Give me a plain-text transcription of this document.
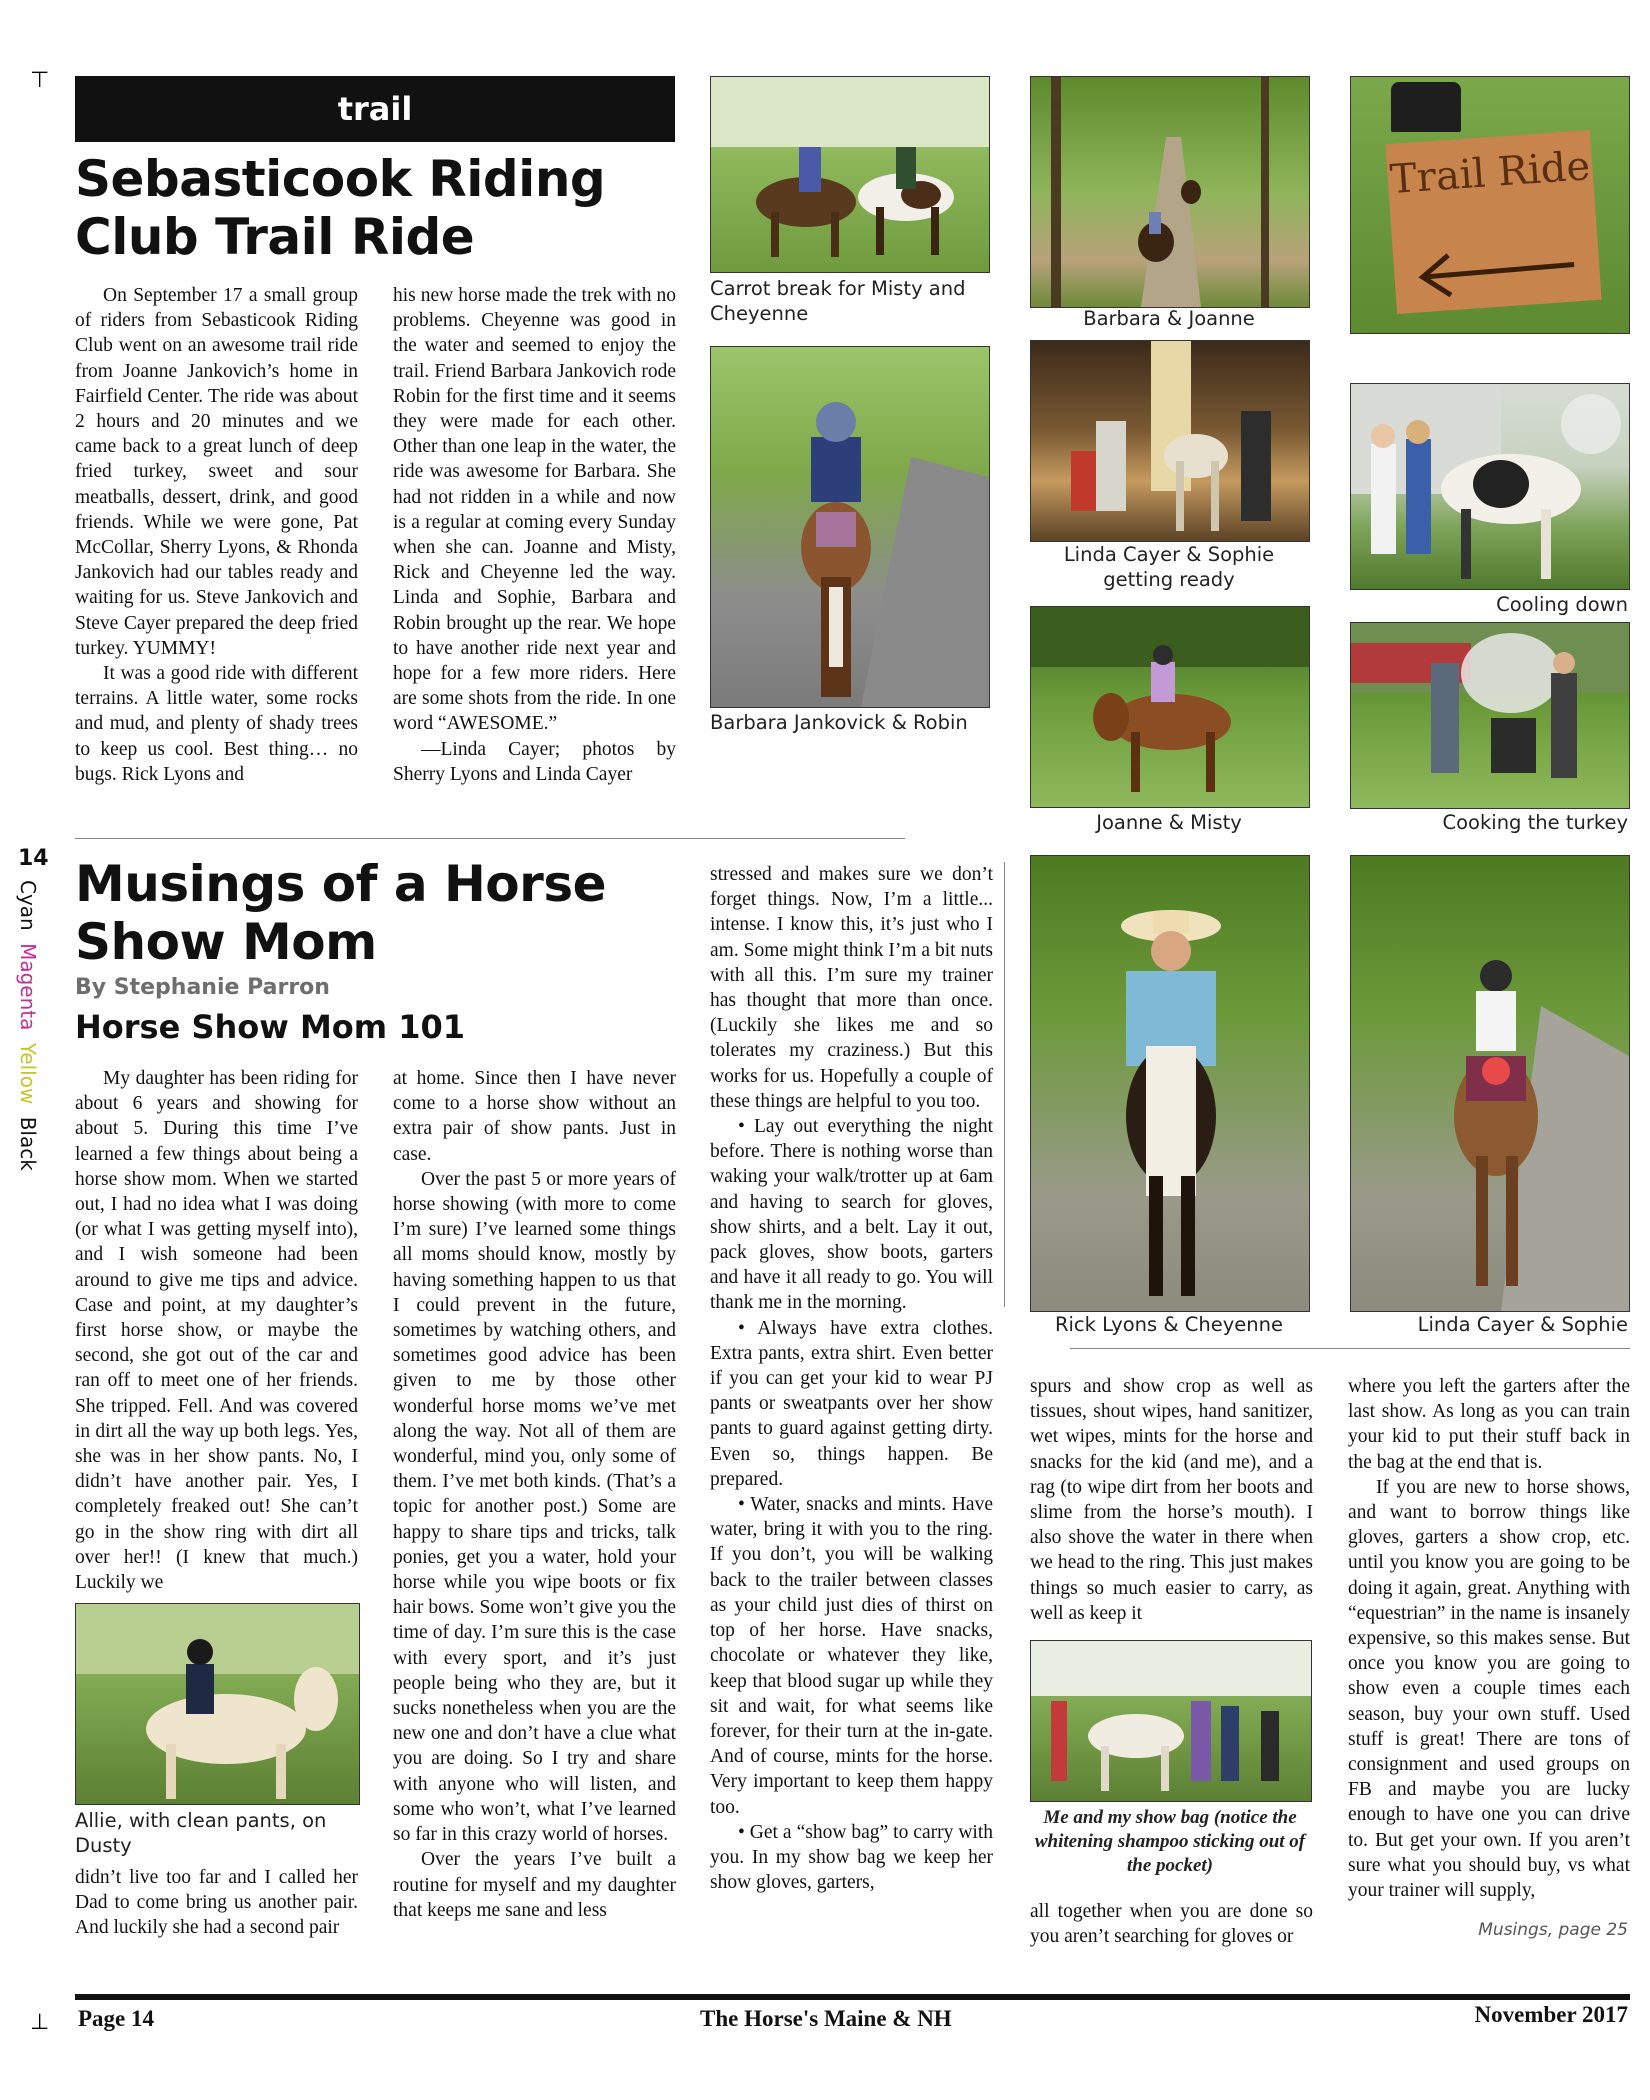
⊤
⊥
trail
Sebasticook Riding
Club Trail Ride

On September 17 a small group of riders from Sebasticook Riding Club went on an awesome trail ride from Joanne Jankovich’s home in Fairfield Center. The ride was about 2 hours and 20 minutes and we came back to a great lunch of deep fried turkey, sweet and sour meatballs, dessert, drink, and good friends. While we were gone, Pat McCollar, Sherry Lyons, & Rhonda Jankovich had our tables ready and waiting for us. Steve Jankovich and Steve Cayer prepared the deep fried turkey. YUMMY!

It was a good ride with different terrains. A little water, some rocks and mud, and plenty of shady trees to keep us cool. Best thing… no bugs. Rick Lyons and

his new horse made the trek with no problems. Cheyenne was good in the water and seemed to enjoy the trail. Friend Barbara Jankovich rode Robin for the first time and it seems they were made for each other. Other than one leap in the water, the ride was awesome for Barbara. She had not ridden in a while and now is a regular at coming every Sunday when she can. Joanne and Misty, Rick and Cheyenne led the way. Linda and Sophie, Barbara and Robin brought up the rear. We hope to have another ride next year and hope for a few more riders. Here are some shots from the ride. In one word “AWESOME.”

—Linda Cayer; photos by Sherry Lyons and Linda Cayer

Carrot break for Misty and Cheyenne	Barbara & Joanne
Trail Ride
Barbara Jankovick & Robin
Linda Cayer & Sophie getting ready
Cooling down
Joanne & Misty	Cooking the turkey
14
Cyan Magenta Yellow Black
Musings of a Horse
Show Mom
By Stephanie Parron
Horse Show Mom 101

My daughter has been riding for about 6 years and showing for about 5. During this time I’ve learned a few things about being a horse show mom. When we started out, I had no idea what I was doing (or what I was getting myself into), and I wish someone had been around to give me tips and advice. Case and point, at my daughter’s first horse show, or maybe the second, she got out of the car and ran off to meet one of her friends. She tripped. Fell. And was covered in dirt all the way up both legs. Yes, she was in her show pants. No, I didn’t have another pair. Yes, I completely freaked out! She can’t go in the show ring with dirt all over her!! (I knew that much.) Luckily we

Allie, with clean pants, on Dusty

didn’t live too far and I called her Dad to come bring us another pair. And luckily she had a second pair

at home. Since then I have never come to a horse show without an extra pair of show pants. Just in case.

Over the past 5 or more years of horse showing (with more to come I’m sure) I’ve learned some things all moms should know, mostly by having something happen to us that I could prevent in the future, sometimes by watching others, and sometimes good advice has been given to me by those other wonderful horse moms we’ve met along the way. Not all of them are wonderful, mind you, only some of them. I’ve met both kinds. (That’s a topic for another post.) Some are happy to share tips and tricks, talk ponies, get you a water, hold your horse while you wipe boots or fix hair bows. Some won’t give you the time of day. I’m sure this is the case with every sport, and it’s just people being who they are, but it sucks nonetheless when you are the new one and don’t have a clue what you are doing. So I try and share with anyone who will listen, and some who won’t, what I’ve learned so far in this crazy world of horses.

Over the years I’ve built a routine for myself and my daughter that keeps me sane and less

stressed and makes sure we don’t forget things. Now, I’m a little... intense. I know this, it’s just who I am. Some might think I’m a bit nuts with all this. I’m sure my trainer has thought that more than once. (Luckily she likes me and so tolerates my craziness.) But this works for us. Hopefully a couple of these things are helpful to you too.

• Lay out everything the night before. There is nothing worse than waking your walk/trotter up at 6am and having to search for gloves, show shirts, and a belt. Lay it out, pack gloves, show boots, garters and have it all ready to go. You will thank me in the morning.

• Always have extra clothes. Extra pants, extra shirt. Even better if you can get your kid to wear PJ pants or sweatpants over her show pants to guard against getting dirty. Even so, things happen. Be prepared.

• Water, snacks and mints. Have water, bring it with you to the ring. If you don’t, you will be walking back to the trailer between classes as your child just dies of thirst on top of her horse. Have snacks, chocolate or whatever they like, keep that blood sugar up while they sit and wait, for what seems like forever, for their turn at the in-gate. And of course, mints for the horse. Very important to keep them happy too.

• Get a “show bag” to carry with you. In my show bag we keep her show gloves, garters,

Rick Lyons & Cheyenne	Linda Cayer & Sophie

spurs and show crop as well as tissues, shout wipes, hand sanitizer, wet wipes, mints for the horse and snacks for the kid (and me), and a rag (to wipe dirt from her boots and slime from the horse’s mouth). I also shove the water in there when we head to the ring. This just makes things so much easier to carry, as well as keep it

Me and my show bag (notice the whitening shampoo sticking out of the pocket)

all together when you are done so you aren’t searching for gloves or

where you left the garters after the last show. As long as you can train your kid to put their stuff back in the bag at the end that is.

If you are new to horse shows, and want to borrow things like gloves, garters a show crop, etc. until you know you are going to be doing it again, great. Anything with “equestrian” in the name is insanely expensive, so this makes sense. But once you know you are going to show even a couple times each season, buy your own stuff. Used stuff is great! There are tons of consignment and used groups on FB and maybe you are lucky enough to have one you can drive to. But get your own. If you aren’t sure what you should buy, vs what your trainer will supply,

Musings, page 25
Page 14	The Horse's Maine & NH	November 2017
